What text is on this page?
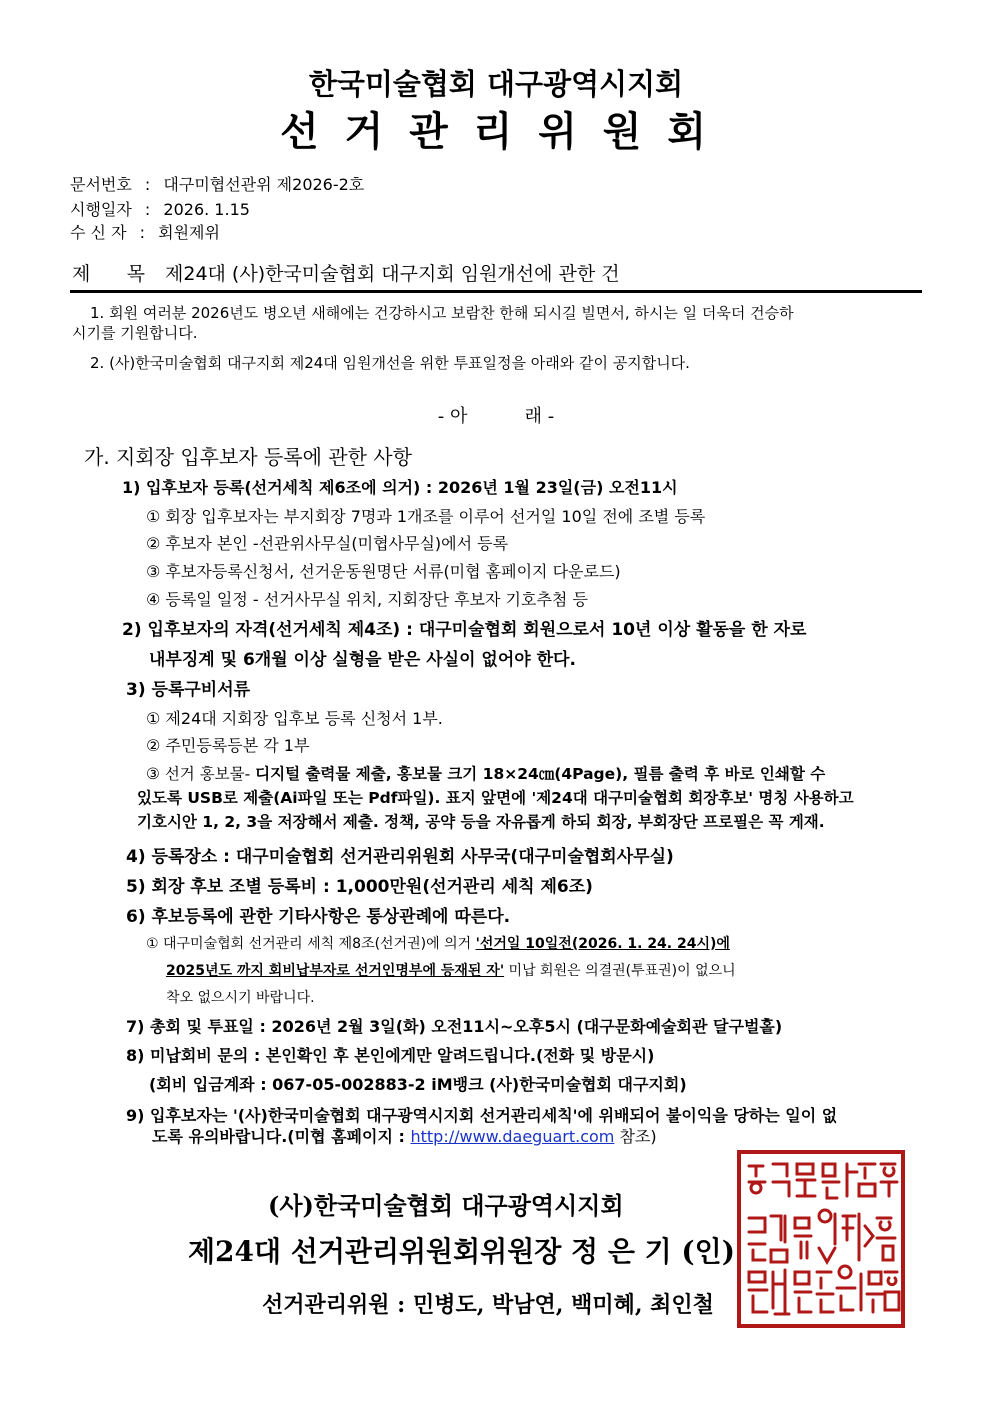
한국미술협회 대구광역시지회
선 거 관 리 위 원 회
문서번호 : 대구미협선관위 제2026-2호
시행일자 : 2026. 1.15
수 신 자 : 회원제위
제      목 제24대 (사)한국미술협회 대구지회 임원개선에 관한 건
1. 회원 여러분 2026년도 병오년 새해에는 건강하시고 보람찬 한해 되시길 빌면서, 하시는 일 더욱더 건승하
시기를 기원합니다.
2. (사)한국미술협회 대구지회 제24대 임원개선을 위한 투표일정을 아래와 같이 공지합니다.
- 아          래 -
가. 지회장 입후보자 등록에 관한 사항
1) 입후보자 등록(선거세칙 제6조에 의거) : 2026년 1월 23일(금) 오전11시
① 회장 입후보자는 부지회장 7명과 1개조를 이루어 선거일 10일 전에 조별 등록
② 후보자 본인 -선관위사무실(미협사무실)에서 등록
③ 후보자등록신청서, 선거운동원명단 서류(미협 홈페이지 다운로드)
④ 등록일 일정 - 선거사무실 위치, 지회장단 후보자 기호추첨 등
2) 입후보자의 자격(선거세칙 제4조) : 대구미술협회 회원으로서 10년 이상 활동을 한 자로
내부징계 및 6개월 이상 실형을 받은 사실이 없어야 한다.
3) 등록구비서류
① 제24대 지회장 입후보 등록 신청서 1부.
② 주민등록등본 각 1부
③ 선거 홍보물- 디지털 출력물 제출, 홍보물 크기 18×24㎝(4Page), 필름 출력 후 바로 인쇄할 수
있도록 USB로 제출(Ai파일 또는 Pdf파일). 표지 앞면에 '제24대 대구미술협회 회장후보' 명칭 사용하고
기호시안 1, 2, 3을 저장해서 제출. 정책, 공약 등을 자유롭게 하되 회장, 부회장단 프로필은 꼭 게재.
4) 등록장소 : 대구미술협회 선거관리위원회 사무국(대구미술협회사무실)
5) 회장 후보 조별 등록비 : 1,000만원(선거관리 세칙 제6조)
6) 후보등록에 관한 기타사항은 통상관례에 따른다.
① 대구미술협회 선거관리 세칙 제8조(선거권)에 의거 '선거일 10일전(2026. 1. 24. 24시)에
2025년도 까지 회비납부자로 선거인명부에 등재된 자' 미납 회원은 의결권(투표권)이 없으니
착오 없으시기 바랍니다.
7) 총회 및 투표일 : 2026년 2월 3일(화) 오전11시~오후5시 (대구문화예술회관 달구벌홀)
8) 미납회비 문의 : 본인확인 후 본인에게만 알려드립니다.(전화 및 방문시)
(회비 입금계좌 : 067-05-002883-2 iM뱅크 (사)한국미술협회 대구지회)
9) 입후보자는 '(사)한국미술협회 대구광역시지회 선거관리세칙'에 위배되어 불이익을 당하는 일이 없
도록 유의바랍니다.(미협 홈페이지 : http://www.daeguart.com 참조)
(사)한국미술협회 대구광역시지회
제24대 선거관리위원회위원장 정 은 기 (인)
선거관리위원 : 민병도, 박남연, 백미혜, 최인철
